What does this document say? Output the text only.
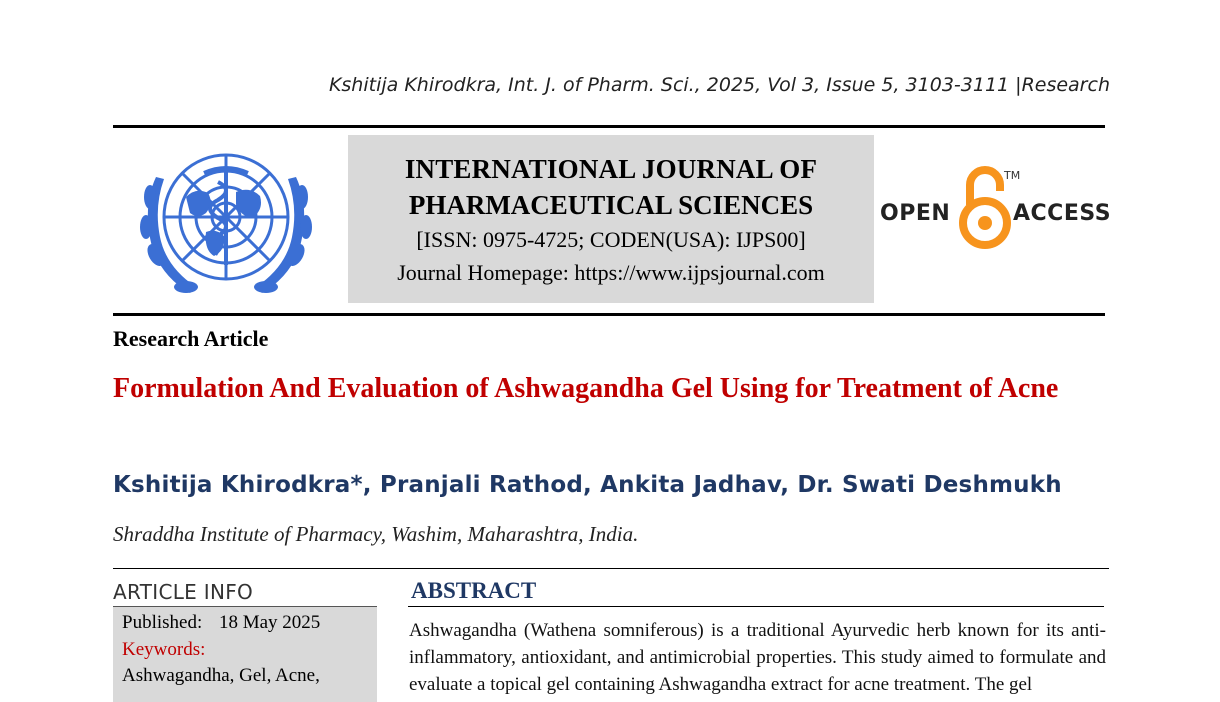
Kshitija Khirodkra, Int. J. of Pharm. Sci., 2025, Vol 3, Issue 5, 3103-3111 |Research
INTERNATIONAL JOURNAL OF
PHARMACEUTICAL SCIENCES
[ISSN: 0975-4725; CODEN(USA): IJPS00]
Journal Homepage: https://www.ijpsjournal.com
OPEN
TM
ACCESS
Research Article
Formulation And Evaluation of Ashwagandha Gel Using for Treatment of Acne
Kshitija Khirodkra*, Pranjali Rathod, Ankita Jadhav, Dr. Swati Deshmukh
Shraddha Institute of Pharmacy, Washim, Maharashtra, India.
ARTICLE INFO
Published: 18 May 2025
Keywords:
Ashwagandha, Gel, Acne,
ABSTRACT
Ashwagandha (Wathena somniferous) is a traditional Ayurvedic herb known for its anti-inflammatory, antioxidant, and antimicrobial properties. This study aimed to formulate and evaluate a topical gel containing Ashwagandha extract for acne treatment. The gel
